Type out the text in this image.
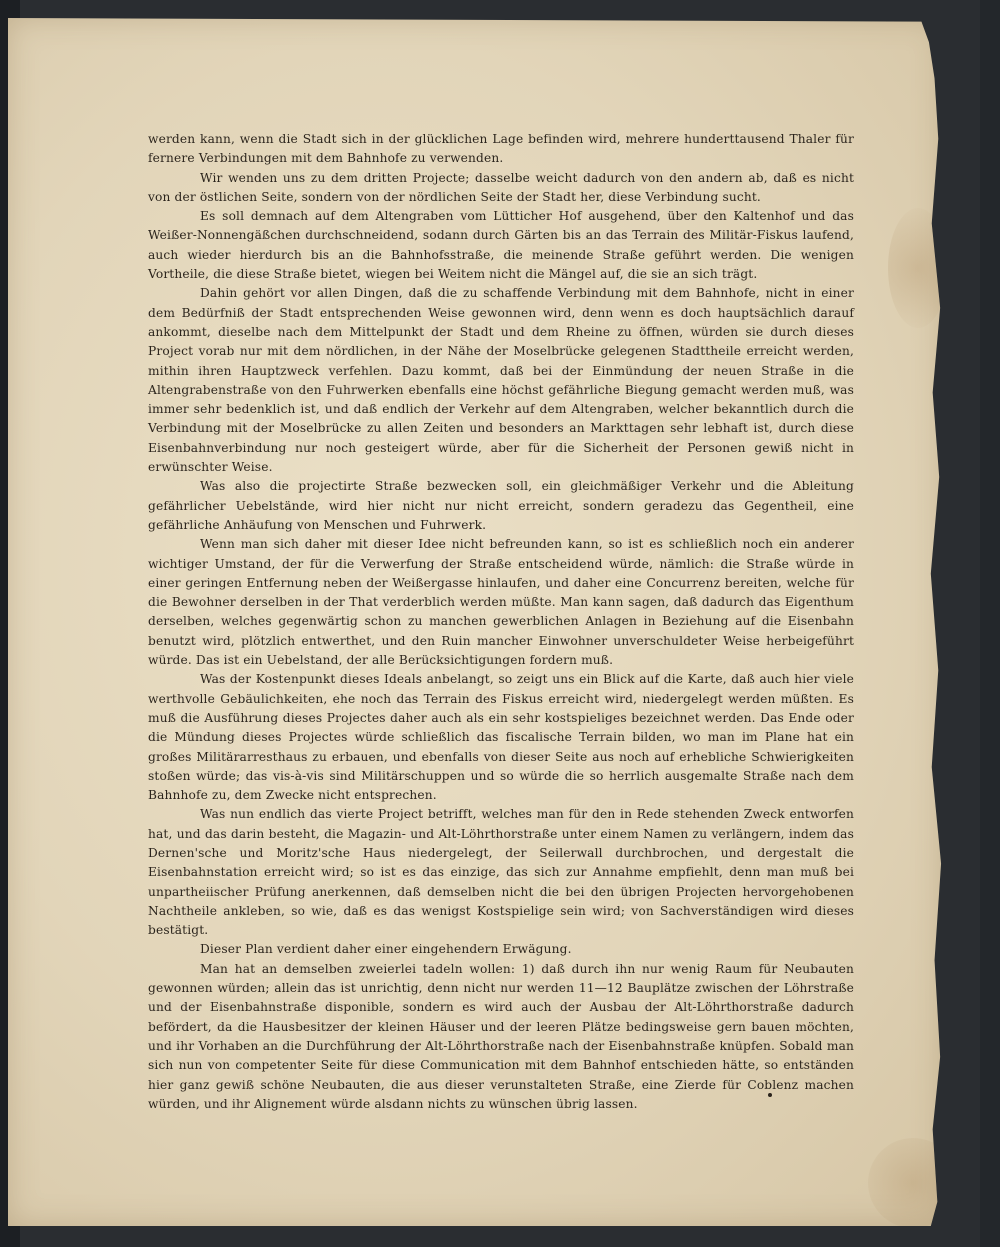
werden kann, wenn die Stadt sich in der glücklichen Lage befinden wird, mehrere hunderttausend Thaler für fernere Verbindungen mit dem Bahnhofe zu verwenden.

Wir wenden uns zu dem dritten Projecte; dasselbe weicht dadurch von den andern ab, daß es nicht von der östlichen Seite, sondern von der nördlichen Seite der Stadt her, diese Verbindung sucht.

Es soll demnach auf dem Altengraben vom Lütticher Hof ausgehend, über den Kaltenhof und das Weißer-Nonnengäßchen durchschneidend, sodann durch Gärten bis an das Terrain des Militär-Fiskus laufend, auch wieder hierdurch bis an die Bahnhofsstraße, die meinende Straße geführt werden. Die wenigen Vortheile, die diese Straße bietet, wiegen bei Weitem nicht die Mängel auf, die sie an sich trägt.

Dahin gehört vor allen Dingen, daß die zu schaffende Verbindung mit dem Bahnhofe, nicht in einer dem Bedürfniß der Stadt entsprechenden Weise gewonnen wird, denn wenn es doch hauptsächlich darauf ankommt, dieselbe nach dem Mittelpunkt der Stadt und dem Rheine zu öffnen, würden sie durch dieses Project vorab nur mit dem nördlichen, in der Nähe der Moselbrücke gelegenen Stadttheile erreicht werden, mithin ihren Hauptzweck verfehlen. Dazu kommt, daß bei der Einmündung der neuen Straße in die Altengrabenstraße von den Fuhrwerken ebenfalls eine höchst gefährliche Biegung gemacht werden muß, was immer sehr bedenklich ist, und daß endlich der Verkehr auf dem Altengraben, welcher bekanntlich durch die Verbindung mit der Moselbrücke zu allen Zeiten und besonders an Markttagen sehr lebhaft ist, durch diese Eisenbahnverbindung nur noch gesteigert würde, aber für die Sicherheit der Personen gewiß nicht in erwünschter Weise.

Was also die projectirte Straße bezwecken soll, ein gleichmäßiger Verkehr und die Ableitung gefährlicher Uebelstände, wird hier nicht nur nicht erreicht, sondern geradezu das Gegentheil, eine gefährliche Anhäufung von Menschen und Fuhrwerk.

Wenn man sich daher mit dieser Idee nicht befreunden kann, so ist es schließlich noch ein anderer wichtiger Umstand, der für die Verwerfung der Straße entscheidend würde, nämlich: die Straße würde in einer geringen Entfernung neben der Weißergasse hinlaufen, und daher eine Concurrenz bereiten, welche für die Bewohner derselben in der That verderblich werden müßte. Man kann sagen, daß dadurch das Eigenthum derselben, welches gegenwärtig schon zu manchen gewerblichen Anlagen in Beziehung auf die Eisenbahn benutzt wird, plötzlich entwerthet, und den Ruin mancher Einwohner unverschuldeter Weise herbeigeführt würde. Das ist ein Uebelstand, der alle Berücksichtigungen fordern muß.

Was der Kostenpunkt dieses Ideals anbelangt, so zeigt uns ein Blick auf die Karte, daß auch hier viele werthvolle Gebäulichkeiten, ehe noch das Terrain des Fiskus erreicht wird, niedergelegt werden müßten. Es muß die Ausführung dieses Projectes daher auch als ein sehr kostspieliges bezeichnet werden. Das Ende oder die Mündung dieses Projectes würde schließlich das fiscalische Terrain bilden, wo man im Plane hat ein großes Militärarresthaus zu erbauen, und ebenfalls von dieser Seite aus noch auf erhebliche Schwierigkeiten stoßen würde; das vis-à-vis sind Militärschuppen und so würde die so herrlich ausgemalte Straße nach dem Bahnhofe zu, dem Zwecke nicht entsprechen.

Was nun endlich das vierte Project betrifft, welches man für den in Rede stehenden Zweck entworfen hat, und das darin besteht, die Magazin- und Alt-Löhrthorstraße unter einem Namen zu verlängern, indem das Dernen'sche und Moritz'sche Haus niedergelegt, der Seilerwall durchbrochen, und dergestalt die Eisenbahnstation erreicht wird; so ist es das einzige, das sich zur Annahme empfiehlt, denn man muß bei unpartheiischer Prüfung anerkennen, daß demselben nicht die bei den übrigen Projecten hervorgehobenen Nachtheile ankleben, so wie, daß es das wenigst Kostspielige sein wird; von Sachverständigen wird dieses bestätigt.

Dieser Plan verdient daher einer eingehendern Erwägung.

Man hat an demselben zweierlei tadeln wollen: 1) daß durch ihn nur wenig Raum für Neubauten gewonnen würden; allein das ist unrichtig, denn nicht nur werden 11—12 Bauplätze zwischen der Löhrstraße und der Eisenbahnstraße disponible, sondern es wird auch der Ausbau der Alt-Löhrthorstraße dadurch befördert, da die Hausbesitzer der kleinen Häuser und der leeren Plätze bedingsweise gern bauen möchten, und ihr Vorhaben an die Durchführung der Alt-Löhrthorstraße nach der Eisenbahnstraße knüpfen. Sobald man sich nun von competenter Seite für diese Communication mit dem Bahnhof entschieden hätte, so entständen hier ganz gewiß schöne Neubauten, die aus dieser verunstalteten Straße, eine Zierde für Coblenz machen würden, und ihr Alignement würde alsdann nichts zu wünschen übrig lassen.
